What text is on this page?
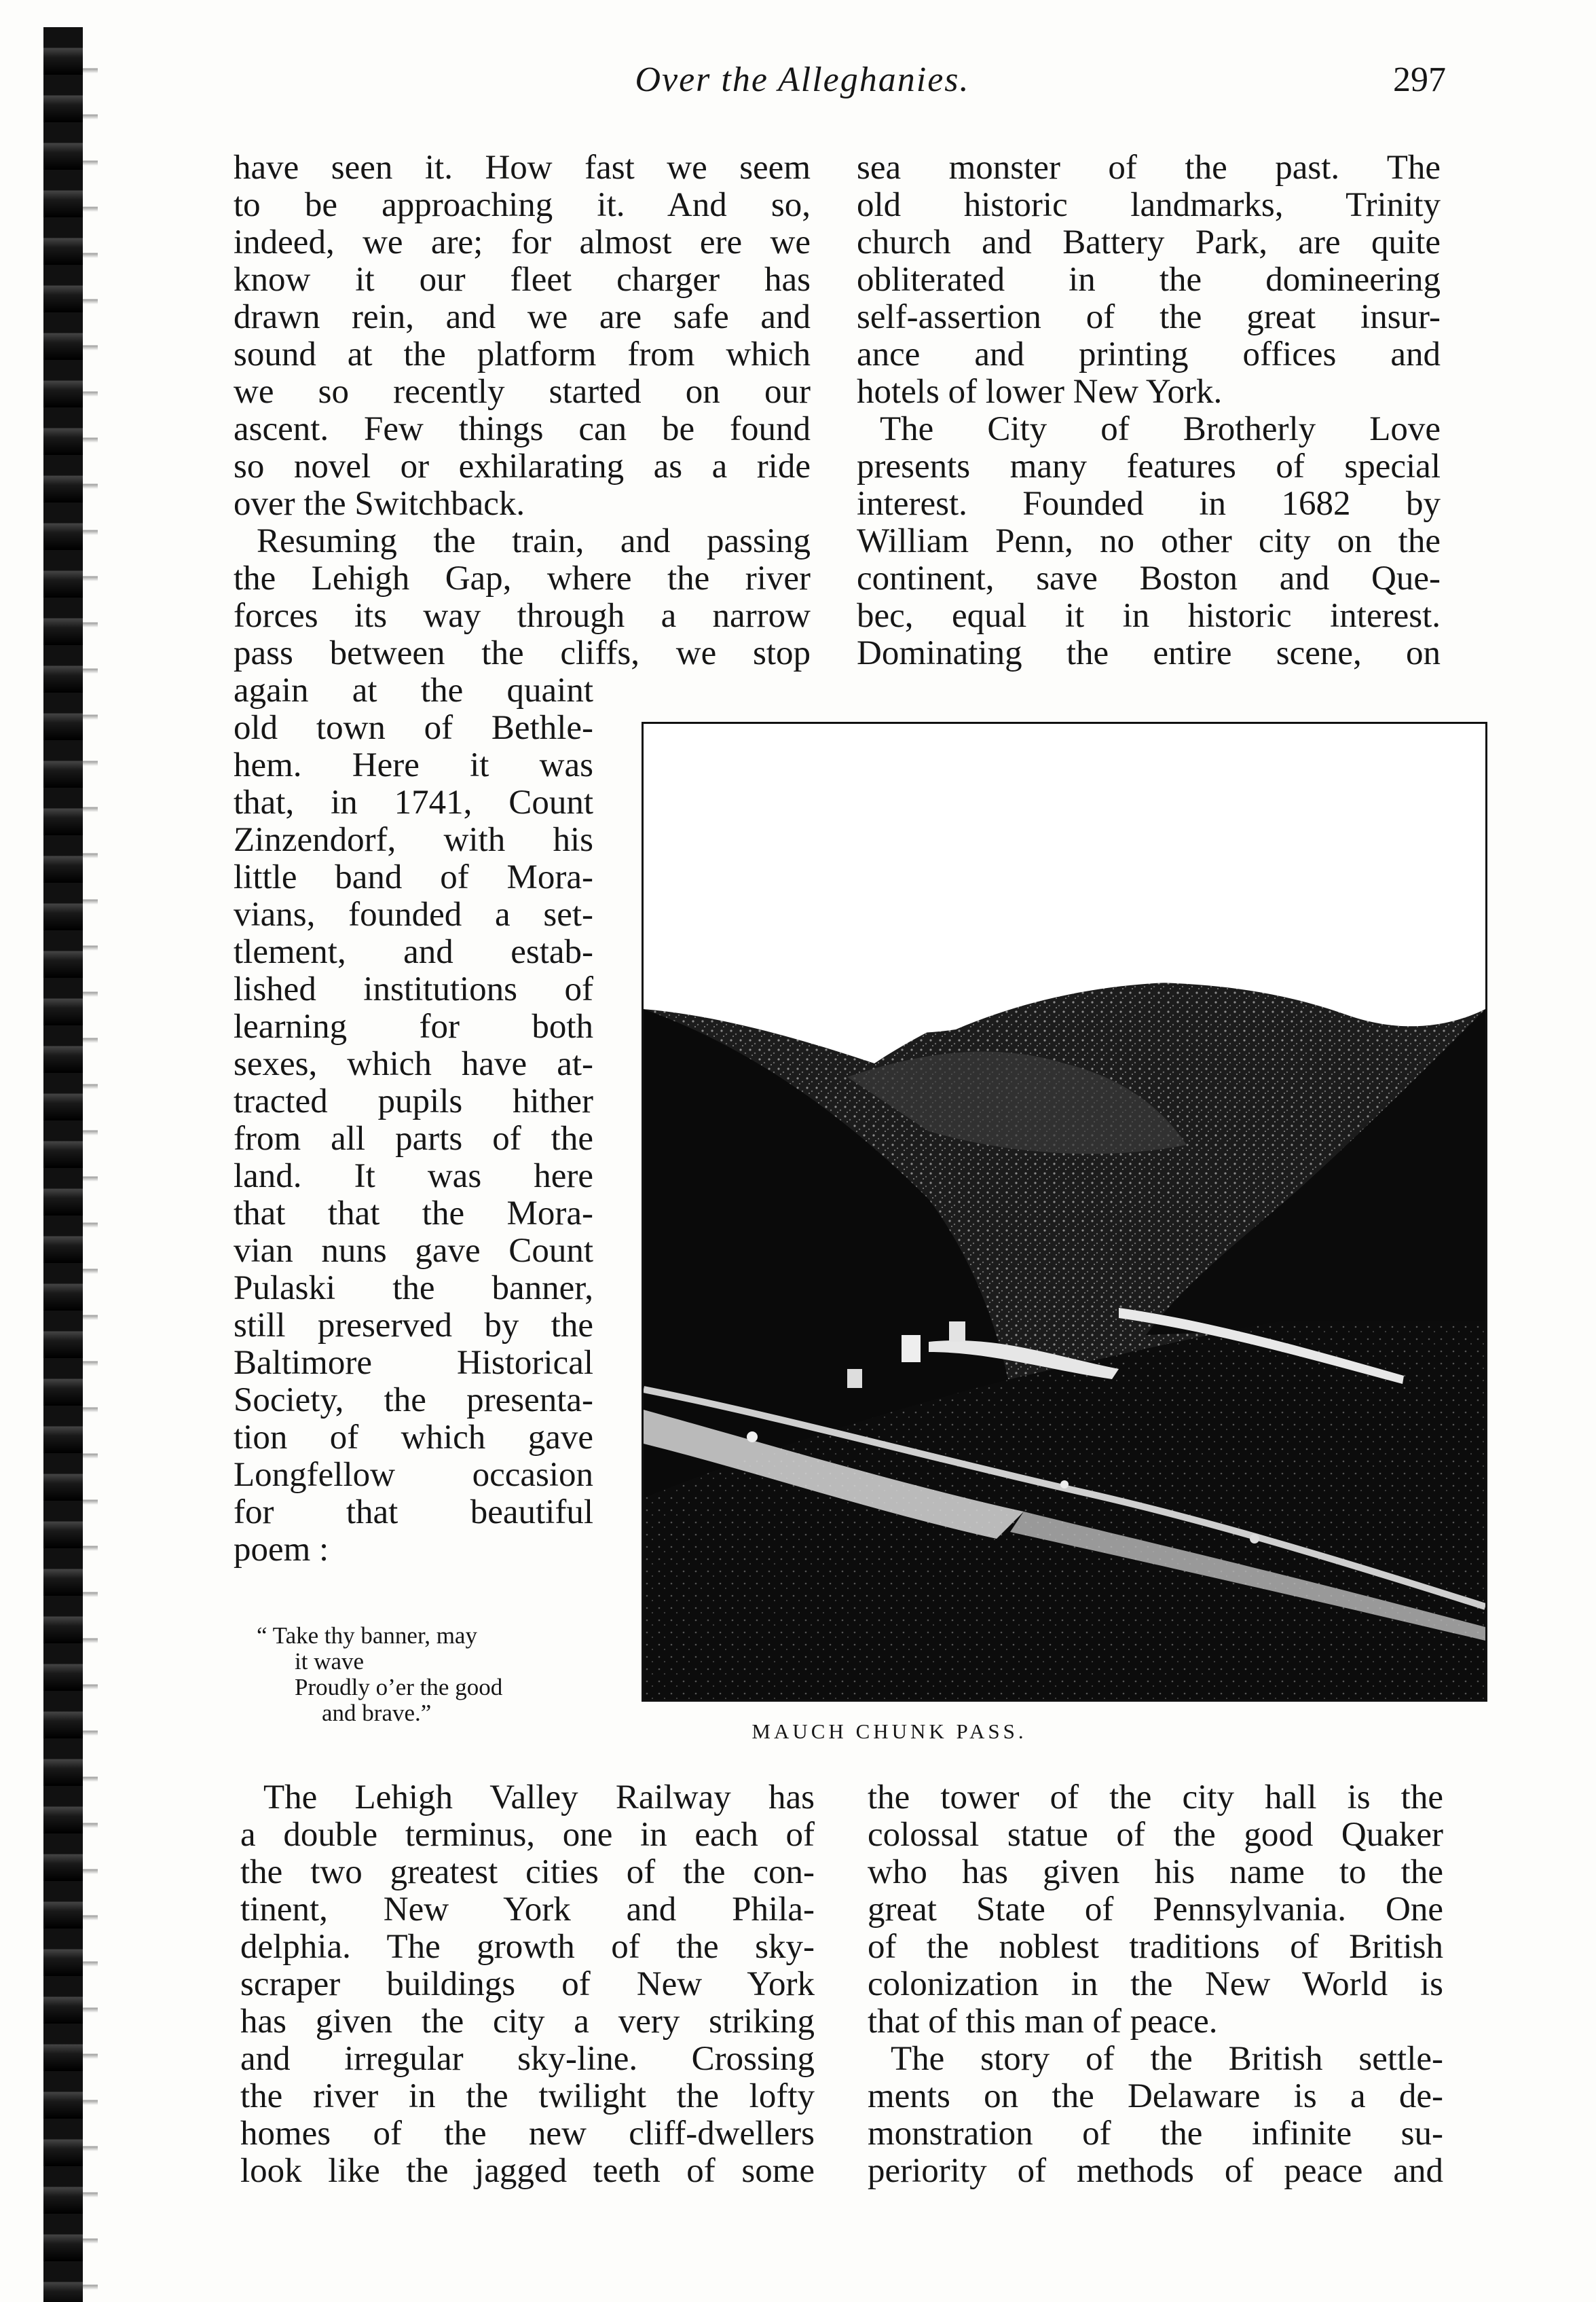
Over the Alleghanies.	297
have seen it. How fast we seem
to be approaching it. And so,
indeed, we are; for almost ere we
know it our fleet charger has
drawn rein, and we are safe and
sound at the platform from which
we so recently started on our
ascent. Few things can be found
so novel or exhilarating as a ride
over the Switchback.
Resuming the train, and passing
the Lehigh Gap, where the river
forces its way through a narrow
pass between the cliffs, we stop
again at the quaint
old town of Bethle-
hem. Here it was
that, in 1741, Count
Zinzendorf, with his
little band of Mora-
vians, founded a set-
tlement, and estab-
lished institutions of
learning for both
sexes, which have at-
tracted pupils hither
from all parts of the
land. It was here
that that the Mora-
vian nuns gave Count
Pulaski the banner,
still preserved by the
Baltimore Historical
Society, the presenta-
tion of which gave
Longfellow occasion
for that beautiful
poem :
“ Take thy banner, may
it wave
Proudly o’er the good
and brave.”
sea monster of the past. The
old historic landmarks, Trinity
church and Battery Park, are quite
obliterated in the domineering
self-assertion of the great insur-
ance and printing offices and
hotels of lower New York.
The City of Brotherly Love
presents many features of special
interest. Founded in 1682 by
William Penn, no other city on the
continent, save Boston and Que-
bec, equal it in historic interest.
Dominating the entire scene, on
MAUCH CHUNK PASS.
The Lehigh Valley Railway has
a double terminus, one in each of
the two greatest cities of the con-
tinent, New York and Phila-
delphia. The growth of the sky-
scraper buildings of New York
has given the city a very striking
and irregular sky-line. Crossing
the river in the twilight the lofty
homes of the new cliff-dwellers
look like the jagged teeth of some
the tower of the city hall is the
colossal statue of the good Quaker
who has given his name to the
great State of Pennsylvania. One
of the noblest traditions of British
colonization in the New World is
that of this man of peace.
The story of the British settle-
ments on the Delaware is a de-
monstration of the infinite su-
periority of methods of peace and
